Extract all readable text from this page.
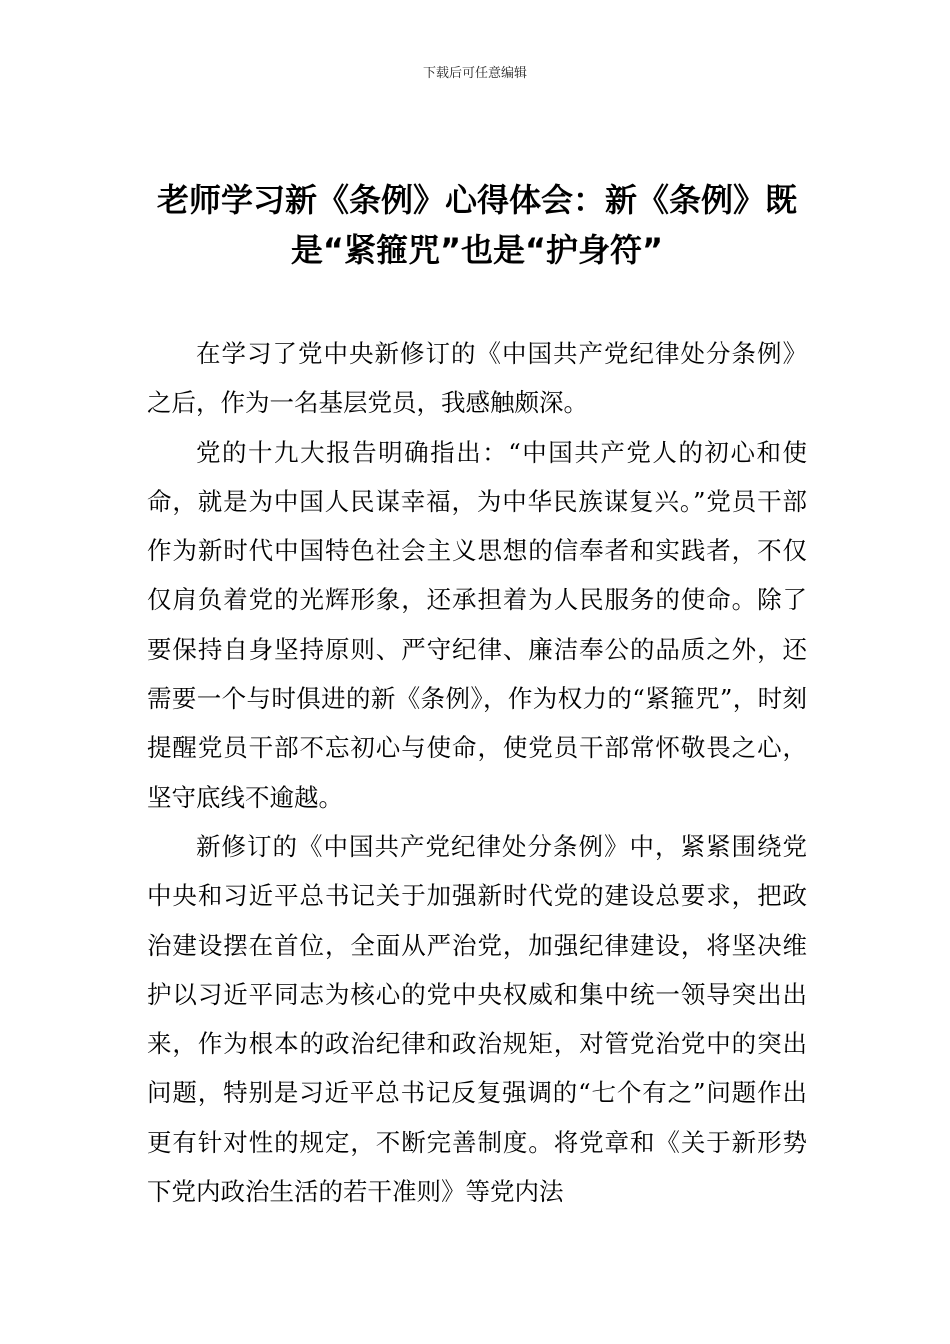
下载后可任意编辑
老师学习新《条例》心得体会：新《条例》既是“紧箍咒”也是“护身符”

在学习了党中央新修订的《中国共产党纪律处分条例》之后，作为一名基层党员，我感触颇深。

党的十九大报告明确指出：“中国共产党人的初心和使命，就是为中国人民谋幸福，为中华民族谋复兴。”党员干部作为新时代中国特色社会主义思想的信奉者和实践者，不仅仅肩负着党的光辉形象，还承担着为人民服务的使命。除了要保持自身坚持原则、严守纪律、廉洁奉公的品质之外，还需要一个与时俱进的新《条例》，作为权力的“紧箍咒”，时刻提醒党员干部不忘初心与使命，使党员干部常怀敬畏之心，坚守底线不逾越。

新修订的《中国共产党纪律处分条例》中，紧紧围绕党中央和习近平总书记关于加强新时代党的建设总要求，把政治建设摆在首位，全面从严治党，加强纪律建设，将坚决维护以习近平同志为核心的党中央权威和集中统一领导突出出来，作为根本的政治纪律和政治规矩，对管党治党中的突出问题，特别是习近平总书记反复强调的“七个有之”问题作出更有针对性的规定，不断完善制度。将党章和《关于新形势下党内政治生活的若干准则》等党内法
